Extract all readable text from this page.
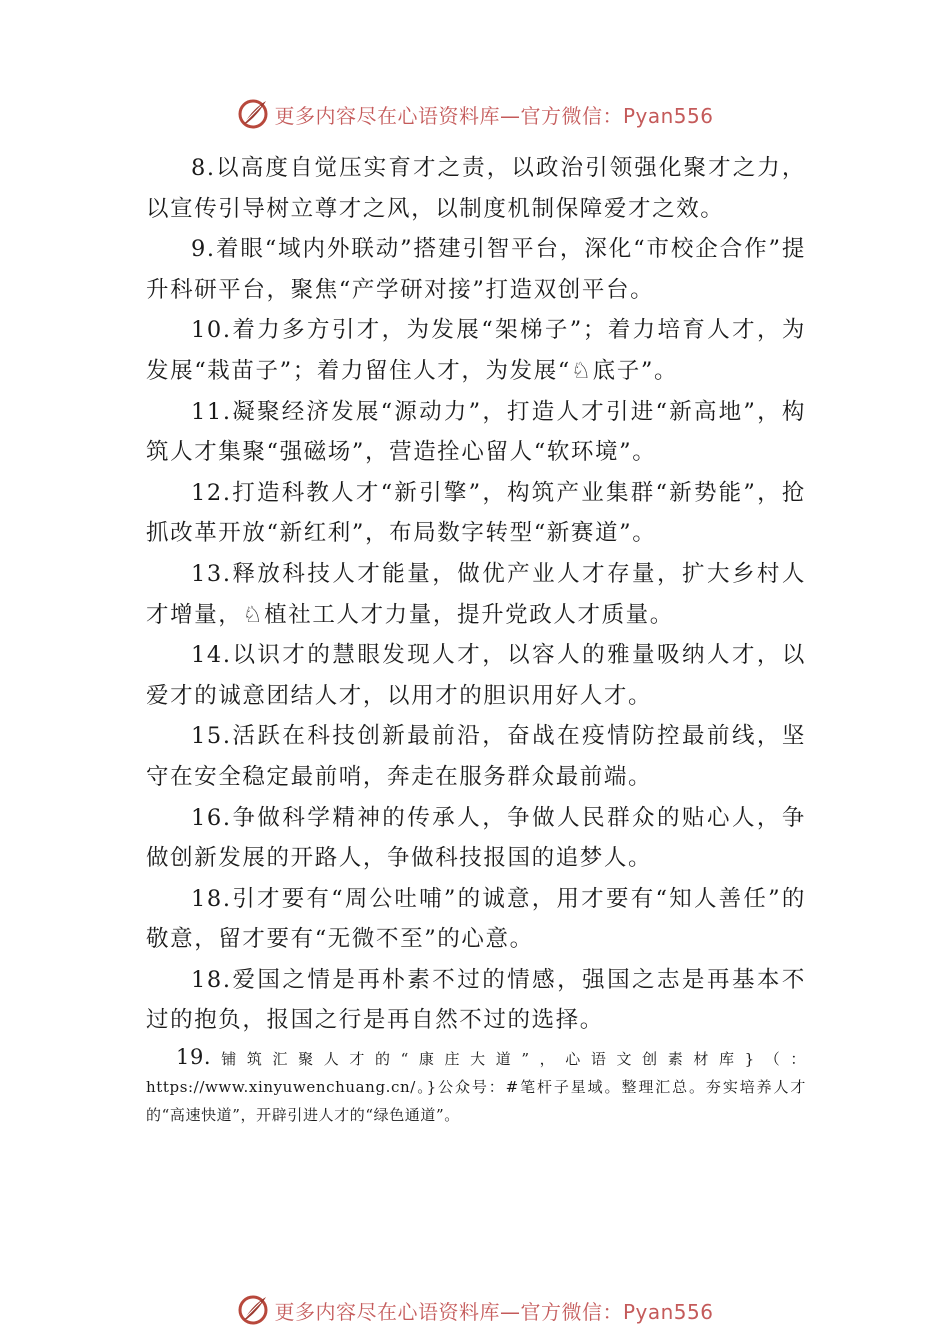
更多内容尽在心语资料库—官方微信：Pyan556

8.以高度自觉压实育才之责，以政治引领强化聚才之力，以宣传引导树立尊才之风，以制度机制保障爱才之效。

9.着眼“域内外联动”搭建引智平台，深化“市校企合作”提升科研平台，聚焦“产学研对接”打造双创平台。

10.着力多方引才，为发展“架梯子”；着力培育人才，为发展“栽苗子”；着力留住人才，为发展“♘底子”。

11.凝聚经济发展“源动力”，打造人才引进“新高地”，构筑人才集聚“强磁场”，营造拴心留人“软环境”。

12.打造科教人才“新引擎”，构筑产业集群“新势能”，抢抓改革开放“新红利”，布局数字转型“新赛道”。

13.释放科技人才能量，做优产业人才存量，扩大乡村人才增量，♘植社工人才力量，提升党政人才质量。

14.以识才的慧眼发现人才，以容人的雅量吸纳人才，以爱才的诚意团结人才，以用才的胆识用好人才。

15.活跃在科技创新最前沿，奋战在疫情防控最前线，坚守在安全稳定最前哨，奔走在服务群众最前端。

16.争做科学精神的传承人，争做人民群众的贴心人，争做创新发展的开路人，争做科技报国的追梦人。

18.引才要有“周公吐哺”的诚意，用才要有“知人善任”的敬意，留才要有“无微不至”的心意。

18.爱国之情是再朴素不过的情感，强国之志是再基本不过的抱负，报国之行是再自然不过的选择。

19.铺筑汇聚人才的“康庄大道”，心语文创素材库}（：https://www.xinyuwenchuang.cn/。}公众号：#笔杆子星域。整理汇总。夯实培养人才的“高速快道”，开辟引进人才的“绿色通道”。

更多内容尽在心语资料库—官方微信：Pyan556
